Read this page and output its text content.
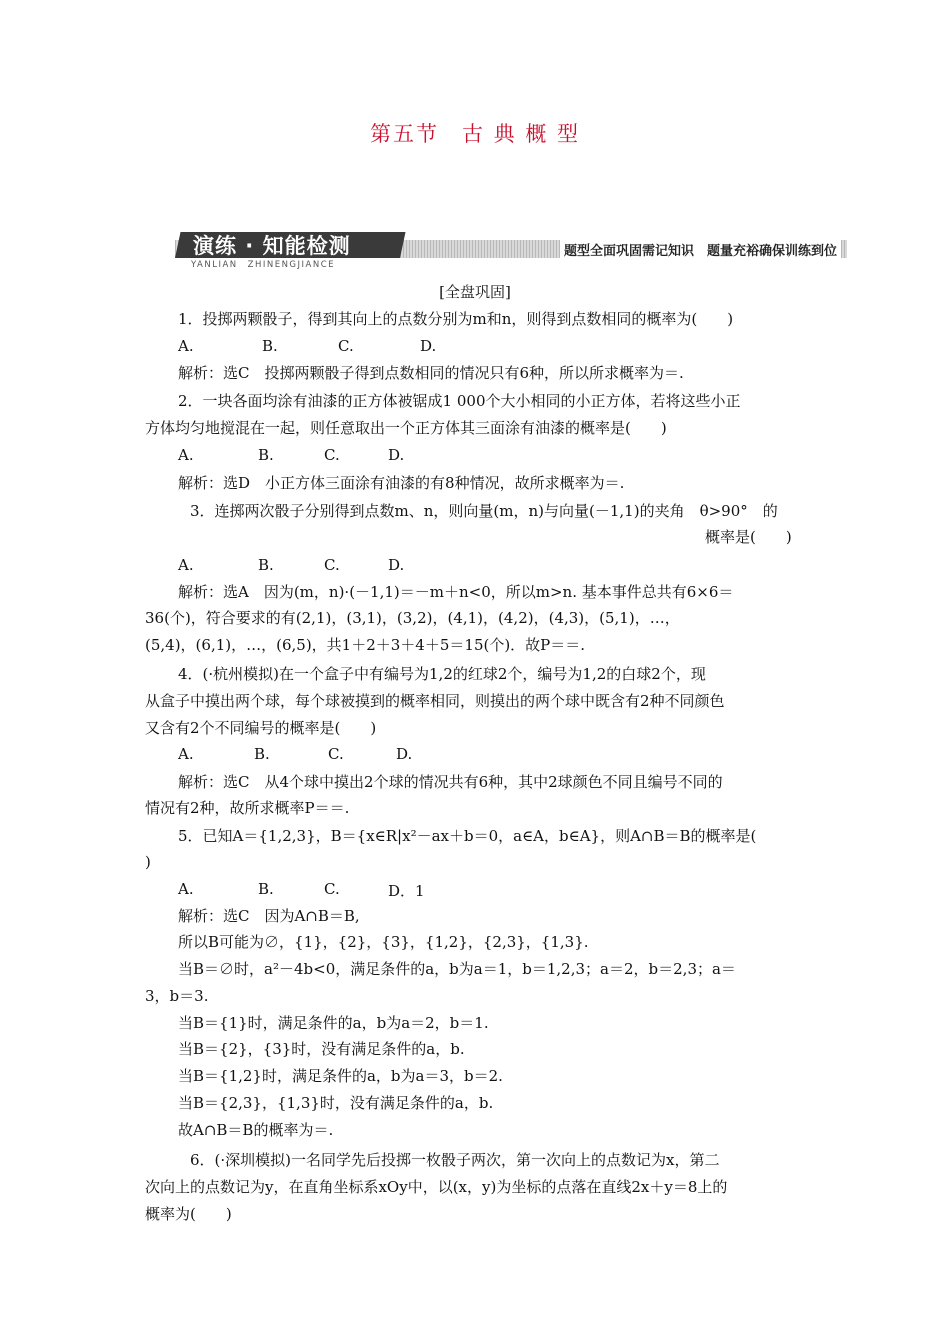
第五节　古 典 概 型
演练 · 知能检测
YANLIAN　ZHINENGJIANCE
题型全面巩固需记知识　题量充裕确保训练到位
[全盘巩固]
1．投掷两颗骰子，得到其向上的点数分别为m和n，则得到点数相同的概率为(　　)
A.	B.	C.	D.
解析：选C　投掷两颗骰子得到点数相同的情况只有6种，所以所求概率为＝.
2．一块各面均涂有油漆的正方体被锯成1 000个大小相同的小正方体，若将这些小正
方体均匀地搅混在一起，则任意取出一个正方体其三面涂有油漆的概率是(　　)
A.	B.	C.	D.
解析：选D　小正方体三面涂有油漆的有8种情况，故所求概率为＝.
3．连掷两次骰子分别得到点数m、n，则向量(m，n)与向量(－1,1)的夹角　θ>90°　的
概率是(　　)
A.	B.	C.	D.
解析：选A　因为(m，n)·(－1,1)＝－m＋n<0，所以m>n. 基本事件总共有6×6＝
36(个)，符合要求的有(2,1)，(3,1)，(3,2)，(4,1)，(4,2)，(4,3)，(5,1)，…，
(5,4)，(6,1)，…，(6,5)，共1＋2＋3＋4＋5＝15(个)．故P＝＝.
4．(·杭州模拟)在一个盒子中有编号为1,2的红球2个，编号为1,2的白球2个，现
从盒子中摸出两个球，每个球被摸到的概率相同，则摸出的两个球中既含有2种不同颜色
又含有2个不同编号的概率是(　　)
A.	B.	C.	D.
解析：选C　从4个球中摸出2个球的情况共有6种，其中2球颜色不同且编号不同的
情况有2种，故所求概率P＝＝.
5．已知A＝{1,2,3}，B＝{x∈R|x²－ax＋b＝0，a∈A，b∈A}，则A∩B＝B的概率是(
)
A.	B.	C.	D．1
解析：选C　因为A∩B＝B,
所以B可能为∅，{1}，{2}，{3}，{1,2}，{2,3}，{1,3}.
当B＝∅时，a²－4b<0，满足条件的a，b为a＝1，b＝1,2,3；a＝2，b＝2,3；a＝
3，b＝3.
当B＝{1}时，满足条件的a，b为a＝2，b＝1.
当B＝{2}，{3}时，没有满足条件的a，b.
当B＝{1,2}时，满足条件的a，b为a＝3，b＝2.
当B＝{2,3}，{1,3}时，没有满足条件的a，b.
故A∩B＝B的概率为＝.
6．(·深圳模拟)一名同学先后投掷一枚骰子两次，第一次向上的点数记为x，第二
次向上的点数记为y，在直角坐标系xOy中，以(x，y)为坐标的点落在直线2x＋y＝8上的
概率为(　　)
